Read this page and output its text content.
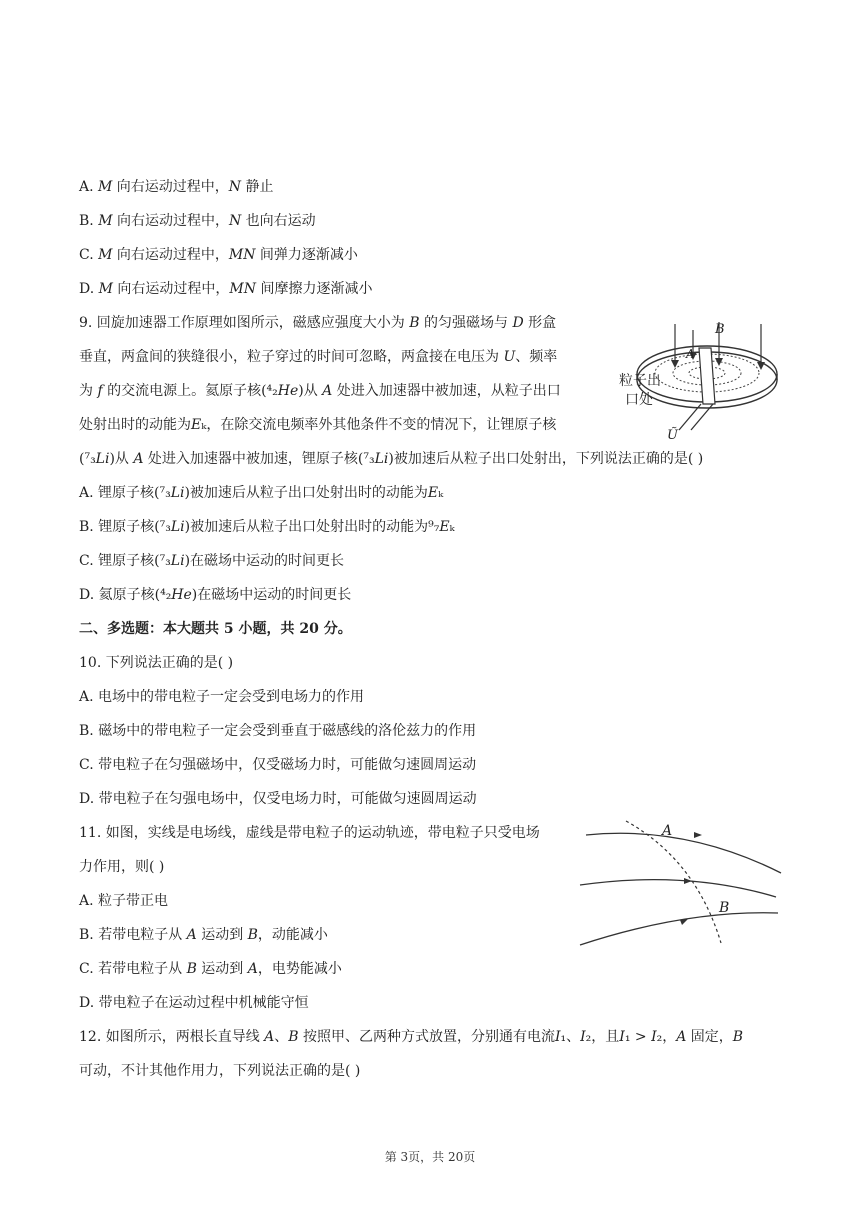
A. 𝑀 向右运动过程中，𝑁 静止
B. 𝑀 向右运动过程中，𝑁 也向右运动
C. 𝑀 向右运动过程中，𝑀𝑁 间弹力逐渐减小
D. 𝑀 向右运动过程中，𝑀𝑁 间摩擦力逐渐减小
9. 回旋加速器工作原理如图所示，磁感应强度大小为 𝐵 的匀强磁场与 𝐷 形盒
垂直，两盒间的狭缝很小，粒子穿过的时间可忽略，两盒接在电压为 𝑈、频率
为 𝑓 的交流电源上。氦原子核(⁴₂𝐻𝑒)从 𝐴 处进入加速器中被加速，从粒子出口
处射出时的动能为𝐸ₖ，在除交流电频率外其他条件不变的情况下，让锂原子核
(⁷₃𝐿𝑖)从 𝐴 处进入加速器中被加速，锂原子核(⁷₃𝐿𝑖)被加速后从粒子出口处射出，下列说法正确的是( )
A. 锂原子核(⁷₃𝐿𝑖)被加速后从粒子出口处射出时的动能为𝐸ₖ
B. 锂原子核(⁷₃𝐿𝑖)被加速后从粒子出口处射出时的动能为⁹₇𝐸ₖ
C. 锂原子核(⁷₃𝐿𝑖)在磁场中运动的时间更长
D. 氦原子核(⁴₂𝐻𝑒)在磁场中运动的时间更长
二、多选题：本大题共 5 小题，共 20 分。
10. 下列说法正确的是( )
A. 电场中的带电粒子一定会受到电场力的作用
B. 磁场中的带电粒子一定会受到垂直于磁感线的洛伦兹力的作用
C. 带电粒子在匀强磁场中，仅受磁场力时，可能做匀速圆周运动
D. 带电粒子在匀强电场中，仅受电场力时，可能做匀速圆周运动
11. 如图，实线是电场线，虚线是带电粒子的运动轨迹，带电粒子只受电场
力作用，则( )
A. 粒子带正电
B. 若带电粒子从 𝐴 运动到 𝐵，动能减小
C. 若带电粒子从 𝐵 运动到 𝐴，电势能减小
D. 带电粒子在运动过程中机械能守恒
12. 如图所示，两根长直导线 𝐴、𝐵 按照甲、乙两种方式放置，分别通有电流𝐼₁、𝐼₂，且𝐼₁ > 𝐼₂，𝐴 固定，𝐵
可动，不计其他作用力，下列说法正确的是( )
B
A
粒子出
口处
Ũ
A
B
第 3页，共 20页
